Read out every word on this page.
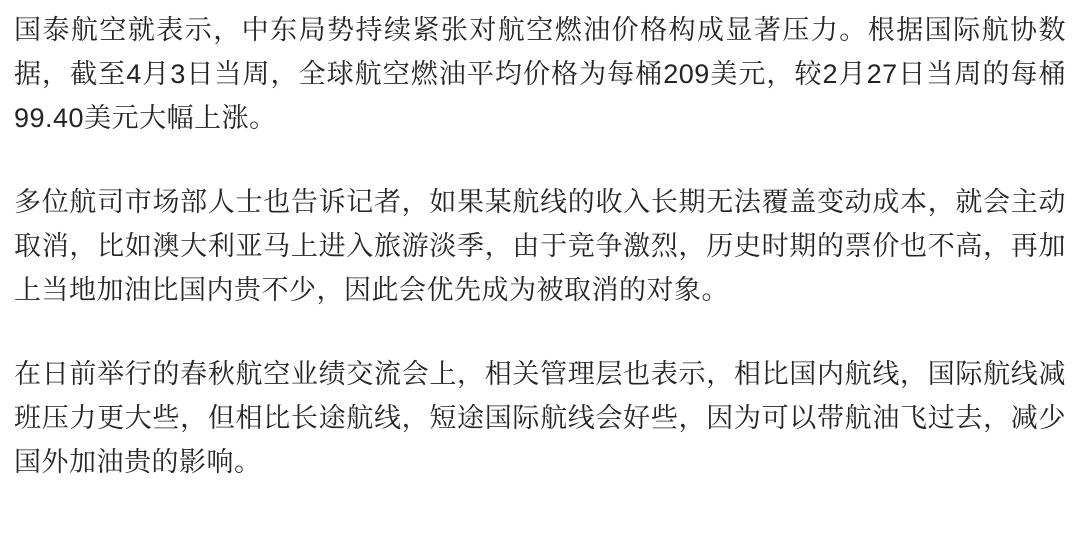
国泰航空就表示，中东局势持续紧张对航空燃油价格构成显著压力。根据国际航协数据，截至4月3日当周，全球航空燃油平均价格为每桶209美元，较2月27日当周的每桶99.40美元大幅上涨。

多位航司市场部人士也告诉记者，如果某航线的收入长期无法覆盖变动成本，就会主动取消，比如澳大利亚马上进入旅游淡季，由于竞争激烈，历史时期的票价也不高，再加上当地加油比国内贵不少，因此会优先成为被取消的对象。

在日前举行的春秋航空业绩交流会上，相关管理层也表示，相比国内航线，国际航线减班压力更大些，但相比长途航线，短途国际航线会好些，因为可以带航油飞过去，减少国外加油贵的影响。
